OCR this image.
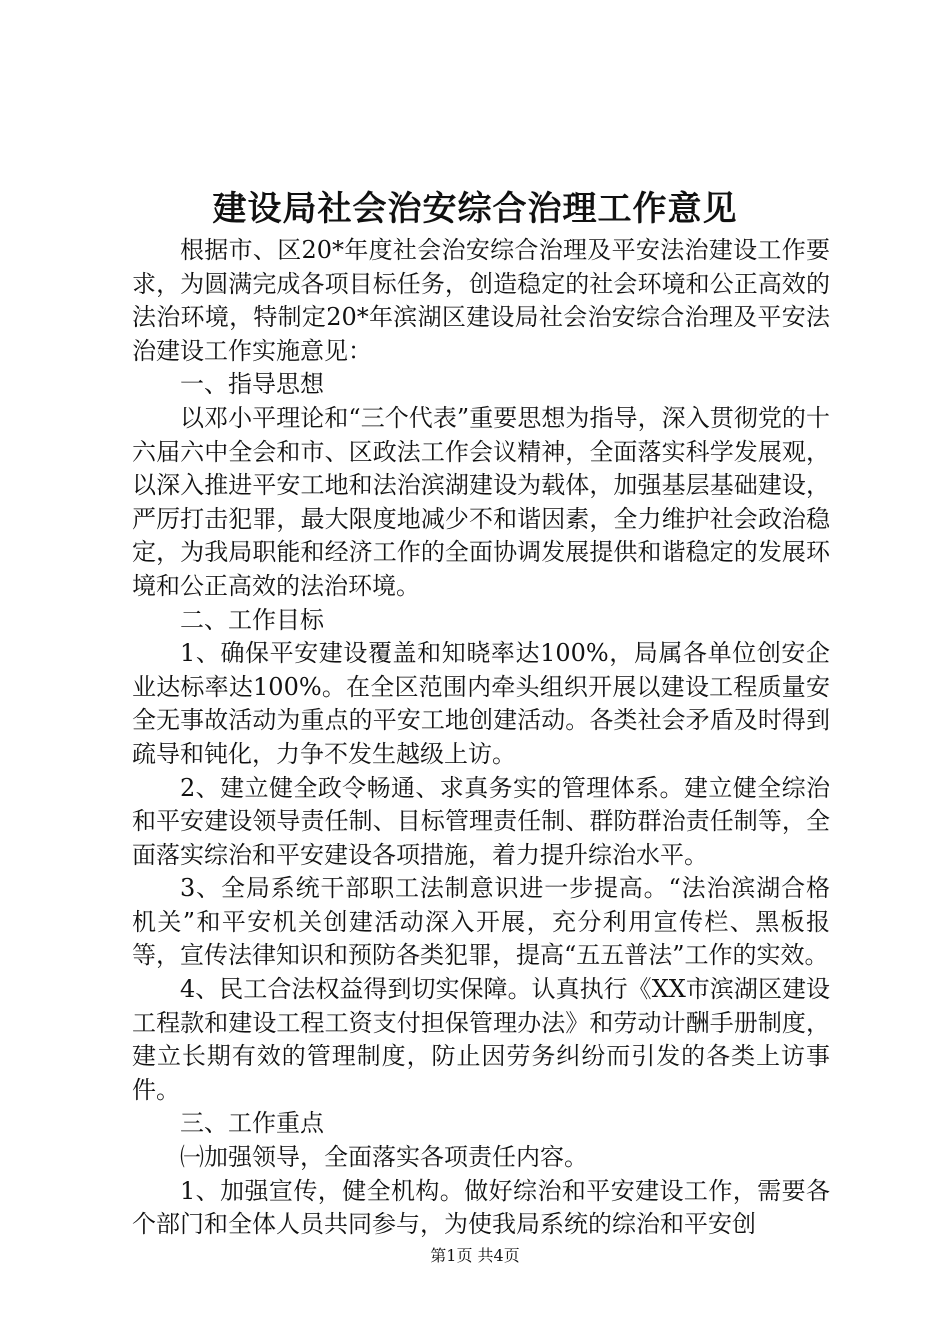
建设局社会治安综合治理工作意见

根据市、区20*年度社会治安综合治理及平安法治建设工作要求，为圆满完成各项目标任务，创造稳定的社会环境和公正高效的法治环境，特制定20*年滨湖区建设局社会治安综合治理及平安法治建设工作实施意见：

一、指导思想

以邓小平理论和“三个代表”重要思想为指导，深入贯彻党的十六届六中全会和市、区政法工作会议精神，全面落实科学发展观，以深入推进平安工地和法治滨湖建设为载体，加强基层基础建设，严厉打击犯罪，最大限度地减少不和谐因素，全力维护社会政治稳定，为我局职能和经济工作的全面协调发展提供和谐稳定的发展环境和公正高效的法治环境。

二、工作目标

1、确保平安建设覆盖和知晓率达100%，局属各单位创安企业达标率达100%。在全区范围内牵头组织开展以建设工程质量安全无事故活动为重点的平安工地创建活动。各类社会矛盾及时得到疏导和钝化，力争不发生越级上访。

2、建立健全政令畅通、求真务实的管理体系。建立健全综治和平安建设领导责任制、目标管理责任制、群防群治责任制等，全面落实综治和平安建设各项措施，着力提升综治水平。

3、全局系统干部职工法制意识进一步提高。“法治滨湖合格机关”和平安机关创建活动深入开展，充分利用宣传栏、黑板报等，宣传法律知识和预防各类犯罪，提高“五五普法”工作的实效。

4、民工合法权益得到切实保障。认真执行《XX市滨湖区建设工程款和建设工程工资支付担保管理办法》和劳动计酬手册制度，建立长期有效的管理制度，防止因劳务纠纷而引发的各类上访事件。

三、工作重点

㈠加强领导，全面落实各项责任内容。

1、加强宣传，健全机构。做好综治和平安建设工作，需要各个部门和全体人员共同参与，为使我局系统的综治和平安创

第1页 共4页
